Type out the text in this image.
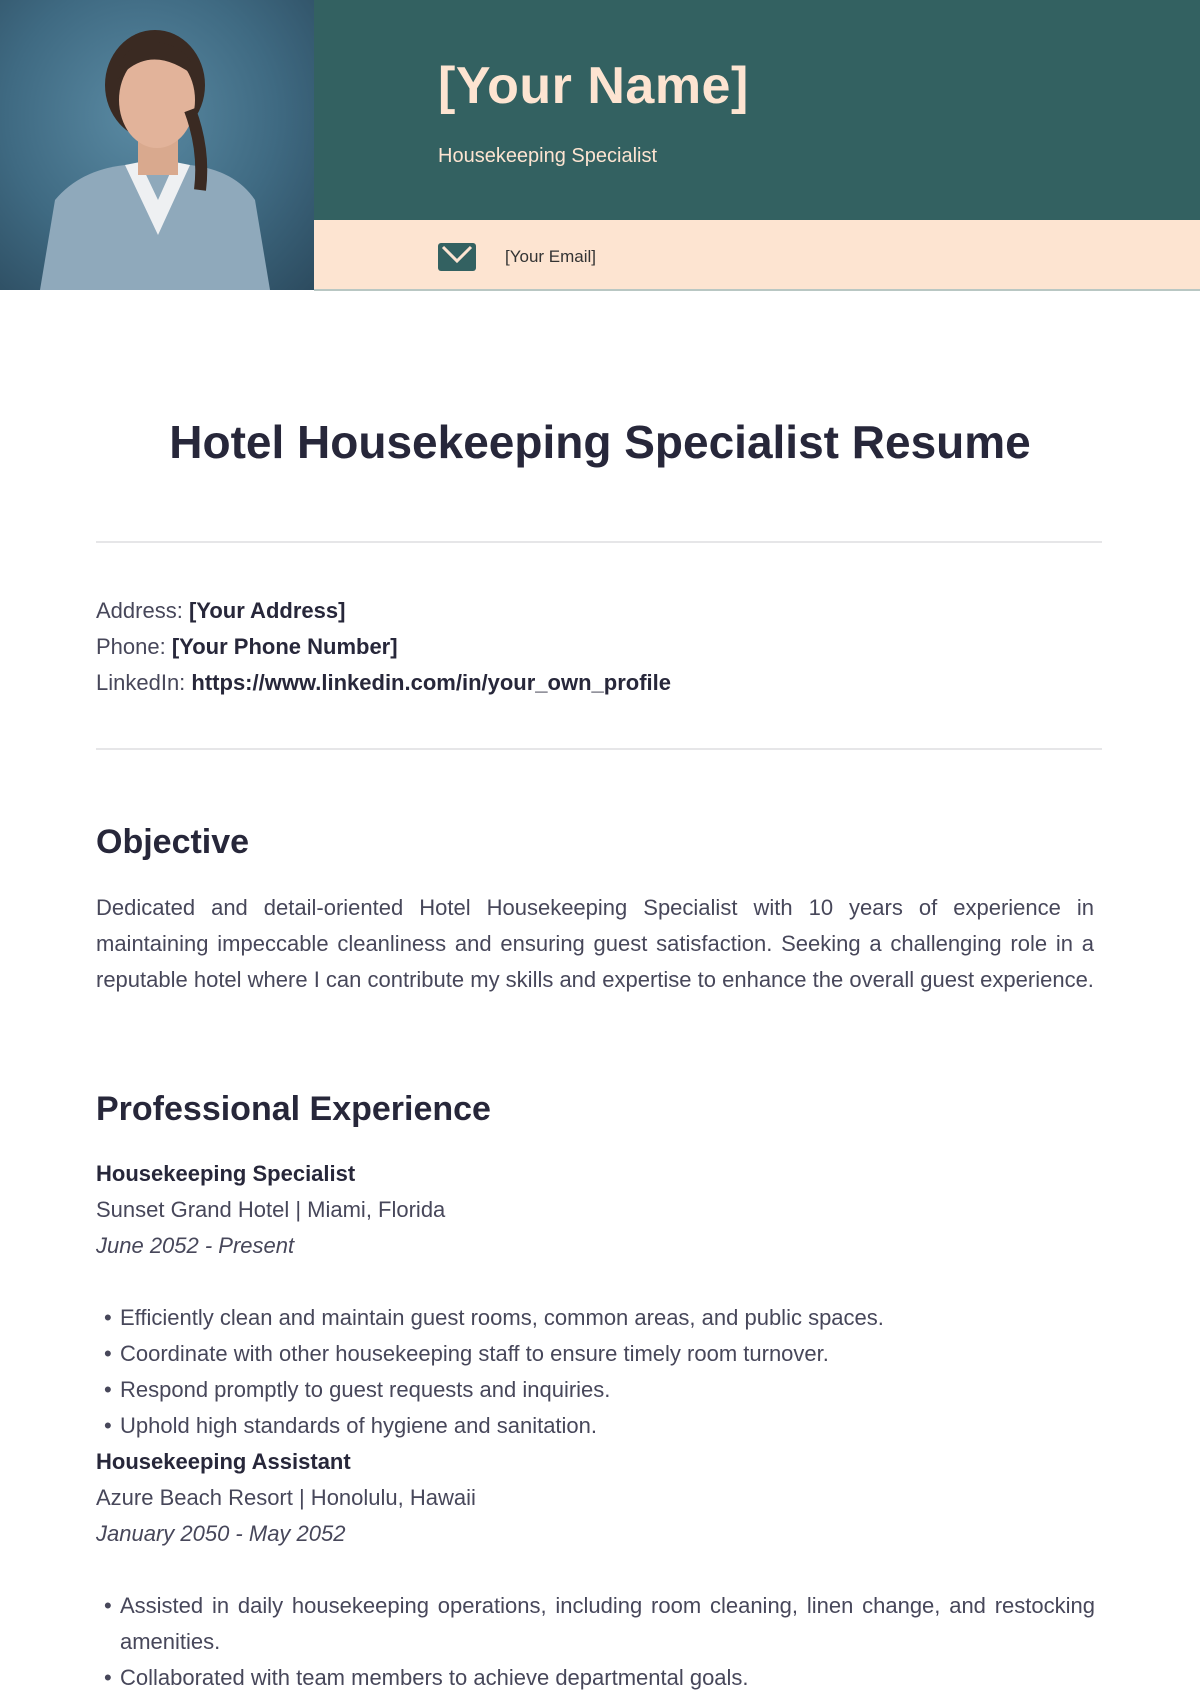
[Your Name]
Housekeeping Specialist
[Your Email]
Hotel Housekeeping Specialist Resume
Address: [Your Address]
Phone: [Your Phone Number]
LinkedIn: https://www.linkedin.com/in/your_own_profile
Objective

Dedicated and detail-oriented Hotel Housekeeping Specialist with 10 years of experience in maintaining impeccable cleanliness and ensuring guest satisfaction. Seeking a challenging role in a reputable hotel where I can contribute my skills and expertise to enhance the overall guest experience.

Professional Experience
Housekeeping Specialist
Sunset Grand Hotel | Miami, Florida
June 2052 - Present
• Efficiently clean and maintain guest rooms, common areas, and public spaces.
• Coordinate with other housekeeping staff to ensure timely room turnover.
• Respond promptly to guest requests and inquiries.
• Uphold high standards of hygiene and sanitation.
Housekeeping Assistant
Azure Beach Resort | Honolulu, Hawaii
January 2050 - May 2052
• Assisted in daily housekeeping operations, including room cleaning, linen change, and restocking amenities.
• Collaborated with team members to achieve departmental goals.
